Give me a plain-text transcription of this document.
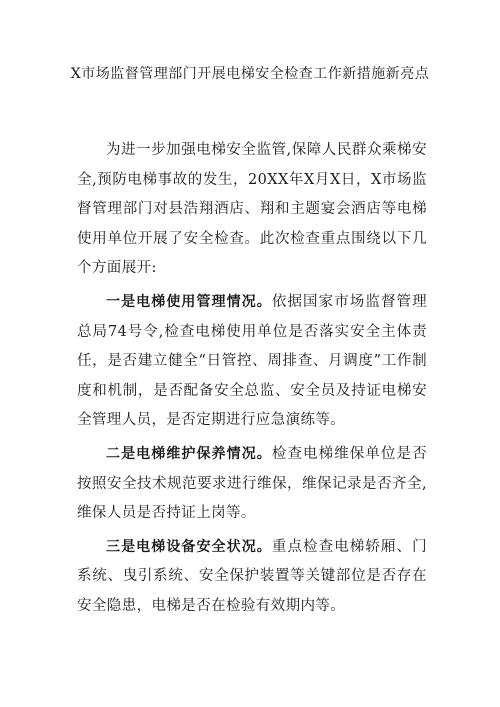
X市场监督管理部门开展电梯安全检查工作新措施新亮点

为进一步加强电梯安全监管,保障人民群众乘梯安全,预防电梯事故的发生，20XX年X月X日，X市场监督管理部门对县浩翔酒店、翔和主题宴会酒店等电梯使用单位开展了安全检查。此次检查重点围绕以下几个方面展开:

一是电梯使用管理情况。依据国家市场监督管理总局74号令,检查电梯使用单位是否落实安全主体责任，是否建立健全“日管控、周排查、月调度”工作制度和机制，是否配备安全总监、安全员及持证电梯安全管理人员，是否定期进行应急演练等。

二是电梯维护保养情况。检查电梯维保单位是否按照安全技术规范要求进行维保，维保记录是否齐全,维保人员是否持证上岗等。

三是电梯设备安全状况。重点检查电梯轿厢、门系统、曳引系统、安全保护装置等关键部位是否存在安全隐患，电梯是否在检验有效期内等。
